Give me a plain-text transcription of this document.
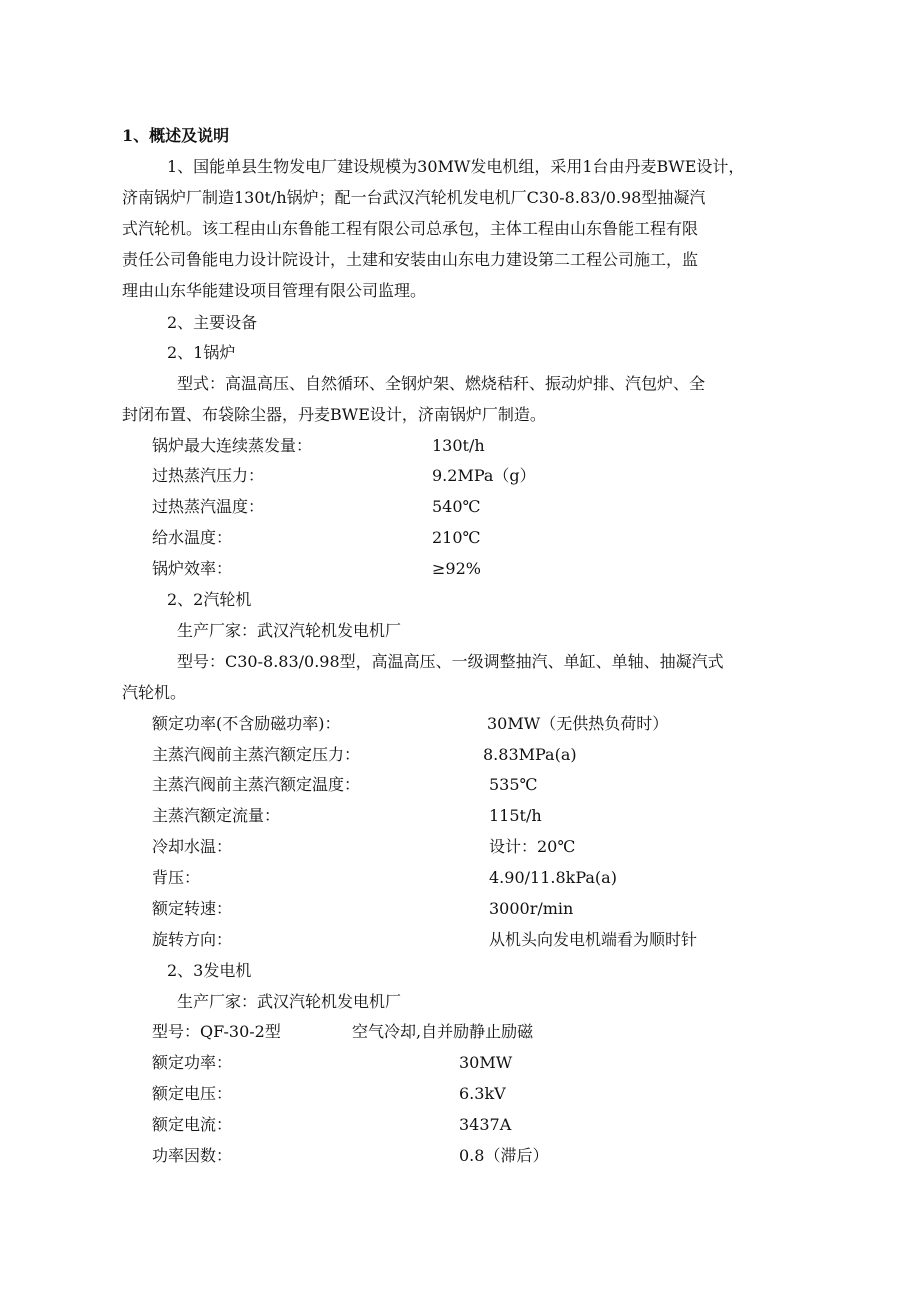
1、概述及说明
1、国能单县生物发电厂建设规模为30MW发电机组，采用1台由丹麦BWE设计，
济南锅炉厂制造130t/h锅炉；配一台武汉汽轮机发电机厂C30-8.83/0.98型抽凝汽
式汽轮机。该工程由山东鲁能工程有限公司总承包，主体工程由山东鲁能工程有限
责任公司鲁能电力设计院设计，土建和安装由山东电力建设第二工程公司施工，监
理由山东华能建设项目管理有限公司监理。
2、主要设备
2、1锅炉
型式：高温高压、自然循环、全钢炉架、燃烧秸秆、振动炉排、汽包炉、全
封闭布置、布袋除尘器，丹麦BWE设计，济南锅炉厂制造。
锅炉最大连续蒸发量：	130t/h
过热蒸汽压力：	9.2MPa（g）
过热蒸汽温度：	540℃
给水温度：	210℃
锅炉效率：	≥92%
2、2汽轮机
生产厂家：武汉汽轮机发电机厂
型号：C30-8.83/0.98型，高温高压、一级调整抽汽、单缸、单轴、抽凝汽式
汽轮机。
额定功率(不含励磁功率)：	30MW（无供热负荷时）
主蒸汽阀前主蒸汽额定压力：	8.83MPa(a)
主蒸汽阀前主蒸汽额定温度：	535℃
主蒸汽额定流量：	115t/h
冷却水温：	设计：20℃
背压：	4.90/11.8kPa(a)
额定转速：	3000r/min
旋转方向：	从机头向发电机端看为顺时针
2、3发电机
生产厂家：武汉汽轮机发电机厂
型号：QF-30-2型	空气冷却,自并励静止励磁
额定功率：	30MW
额定电压：	6.3kV
额定电流：	3437A
功率因数：	0.8（滞后）
